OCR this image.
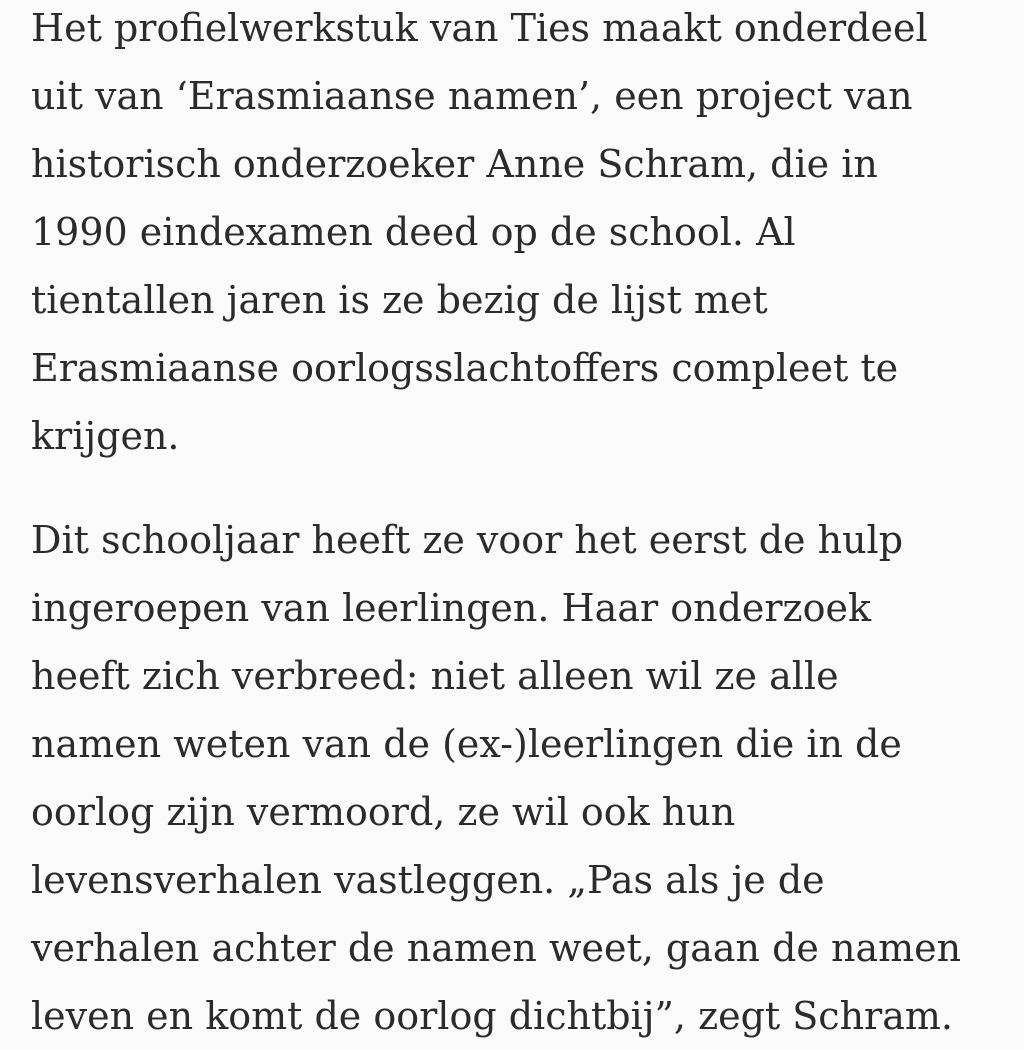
Het profielwerkstuk van Ties maakt onderdeel
uit van ‘Erasmiaanse namen’, een project van
historisch onderzoeker Anne Schram, die in
1990 eindexamen deed op de school. Al
tientallen jaren is ze bezig de lijst met
Erasmiaanse oorlogsslachtoffers compleet te
krijgen.

Dit schooljaar heeft ze voor het eerst de hulp
ingeroepen van leerlingen. Haar onderzoek
heeft zich verbreed: niet alleen wil ze alle
namen weten van de (ex-)leerlingen die in de
oorlog zijn vermoord, ze wil ook hun
levensverhalen vastleggen. „Pas als je de
verhalen achter de namen weet, gaan de namen
leven en komt de oorlog dichtbij”, zegt Schram.
